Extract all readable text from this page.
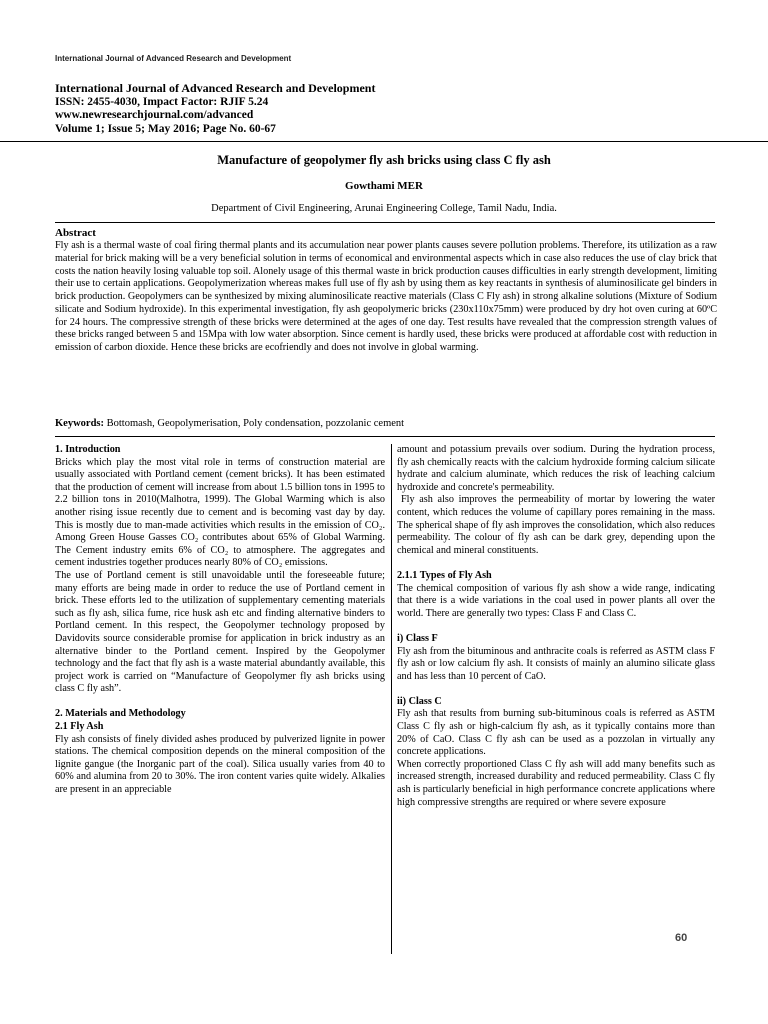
International Journal of Advanced Research and Development
International Journal of Advanced Research and Development
ISSN: 2455-4030, Impact Factor: RJIF 5.24
www.newresearchjournal.com/advanced
Volume 1; Issue 5; May 2016; Page No. 60-67
Manufacture of geopolymer fly ash bricks using class C fly ash
Gowthami MER
Department of Civil Engineering, Arunai Engineering College, Tamil Nadu, India.
Abstract
Fly ash is a thermal waste of coal firing thermal plants and its accumulation near power plants causes severe pollution problems. Therefore, its utilization as a raw material for brick making will be a very beneficial solution in terms of economical and environmental aspects which in case also reduces the use of clay brick that costs the nation heavily losing valuable top soil. Alonely usage of this thermal waste in brick production causes difficulties in early strength development, limiting their use to certain applications. Geopolymerization whereas makes full use of fly ash by using them as key reactants in synthesis of aluminosilicate gel binders in brick production. Geopolymers can be synthesized by mixing aluminosilicate reactive materials (Class C Fly ash) in strong alkaline solutions (Mixture of Sodium silicate and Sodium hydroxide). In this experimental investigation, fly ash geopolymeric bricks (230x110x75mm) were produced by dry hot oven curing at 60ºC for 24 hours. The compressive strength of these bricks were determined at the ages of one day. Test results have revealed that the compression strength values of these bricks ranged between 5 and 15Mpa with low water absorption. Since cement is hardly used, these bricks were produced at affordable cost with reduction in emission of carbon dioxide. Hence these bricks are ecofriendly and does not involve in global warming.
Keywords: Bottomash, Geopolymerisation, Poly condensation, pozzolanic cement

1. Introduction

Bricks which play the most vital role in terms of construction material are usually associated with Portland cement (cement bricks). It has been estimated that the production of cement will increase from about 1.5 billion tons in 1995 to 2.2 billion tons in 2010(Malhotra, 1999). The Global Warming which is also another rising issue recently due to cement and is becoming vast day by day. This is mostly due to man-made activities which results in the emission of CO₂. Among Green House Gasses CO₂ contributes about 65% of Global Warming. The Cement industry emits 6% of CO₂ to atmosphere. The aggregates and cement industries together produces nearly 80% of CO₂ emissions.

The use of Portland cement is still unavoidable until the foreseeable future; many efforts are being made in order to reduce the use of Portland cement in brick. These efforts led to the utilization of supplementary cementing materials such as fly ash, silica fume, rice husk ash etc and finding alternative binders to Portland cement. In this respect, the Geopolymer technology proposed by Davidovits source considerable promise for application in brick industry as an alternative binder to the Portland cement. Inspired by the Geopolymer technology and the fact that fly ash is a waste material abundantly available, this project work is carried on “Manufacture of Geopolymer fly ash bricks using class C fly ash”.

2. Materials and Methodology

2.1 Fly Ash

Fly ash consists of finely divided ashes produced by pulverized lignite in power stations. The chemical composition depends on the mineral composition of the lignite gangue (the Inorganic part of the coal). Silica usually varies from 40 to 60% and alumina from 20 to 30%. The iron content varies quite widely. Alkalies are present in an appreciable

amount and potassium prevails over sodium. During the hydration process, fly ash chemically reacts with the calcium hydroxide forming calcium silicate hydrate and calcium aluminate, which reduces the risk of leaching calcium hydroxide and concrete's permeability.

Fly ash also improves the permeability of mortar by lowering the water content, which reduces the volume of capillary pores remaining in the mass. The spherical shape of fly ash improves the consolidation, which also reduces permeability. The colour of fly ash can be dark grey, depending upon the chemical and mineral constituents.

2.1.1 Types of Fly Ash

The chemical composition of various fly ash show a wide range, indicating that there is a wide variations in the coal used in power plants all over the world. There are generally two types: Class F and Class C.

i) Class F

Fly ash from the bituminous and anthracite coals is referred as ASTM class F fly ash or low calcium fly ash. It consists of mainly an alumino silicate glass and has less than 10 percent of CaO.

ii) Class C

Fly ash that results from burning sub-bituminous coals is referred as ASTM Class C fly ash or high-calcium fly ash, as it typically contains more than 20% of CaO. Class C fly ash can be used as a pozzolan in virtually any concrete applications.

When correctly proportioned Class C fly ash will add many benefits such as increased strength, increased durability and reduced permeability. Class C fly ash is particularly beneficial in high performance concrete applications where high compressive strengths are required or where severe exposure

60
